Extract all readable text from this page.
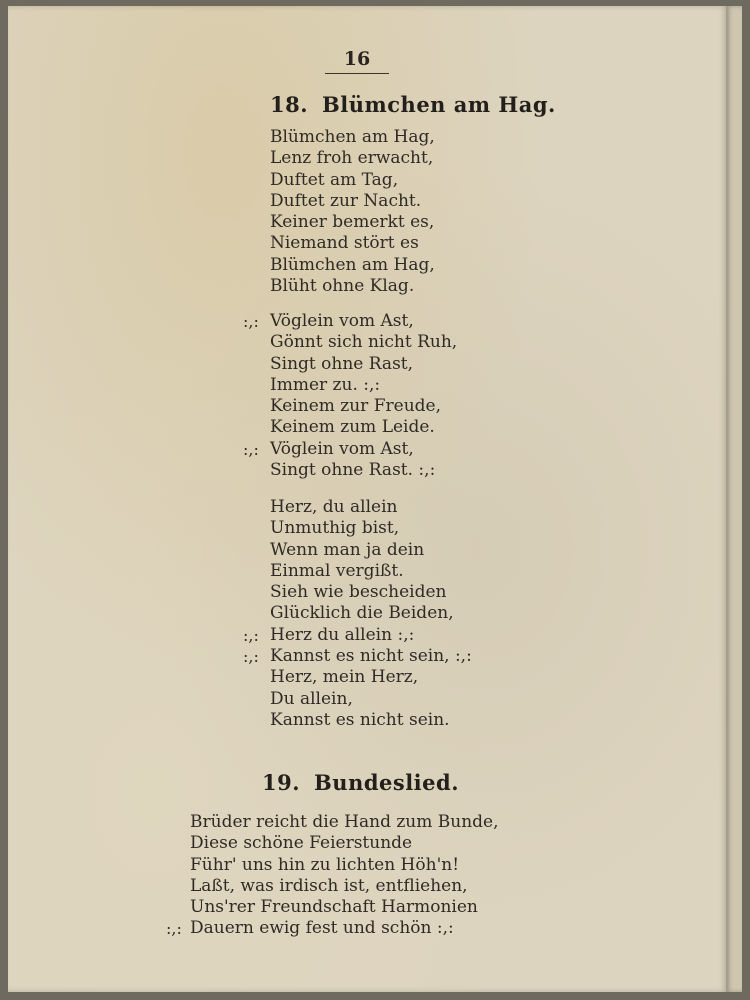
16
18. Blümchen am Hag.
Blümchen am Hag,
Lenz froh erwacht,
Duftet am Tag,
Duftet zur Nacht.
Keiner bemerkt es,
Niemand stört es
Blümchen am Hag,
Blüht ohne Klag.
:,: Vöglein vom Ast,
Gönnt sich nicht Ruh,
Singt ohne Rast,
Immer zu. :,:
Keinem zur Freude,
Keinem zum Leide.
:,: Vöglein vom Ast,
Singt ohne Rast. :,:
Herz, du allein
Unmuthig bist,
Wenn man ja dein
Einmal vergißt.
Sieh wie bescheiden
Glücklich die Beiden,
:,: Herz du allein :,:
:,: Kannst es nicht sein, :,:
Herz, mein Herz,
Du allein,
Kannst es nicht sein.
19. Bundeslied.
Brüder reicht die Hand zum Bunde,
Diese schöne Feierstunde
Führ' uns hin zu lichten Höh'n!
Laßt, was irdisch ist, entfliehen,
Uns'rer Freundschaft Harmonien
:,: Dauern ewig fest und schön :,:
